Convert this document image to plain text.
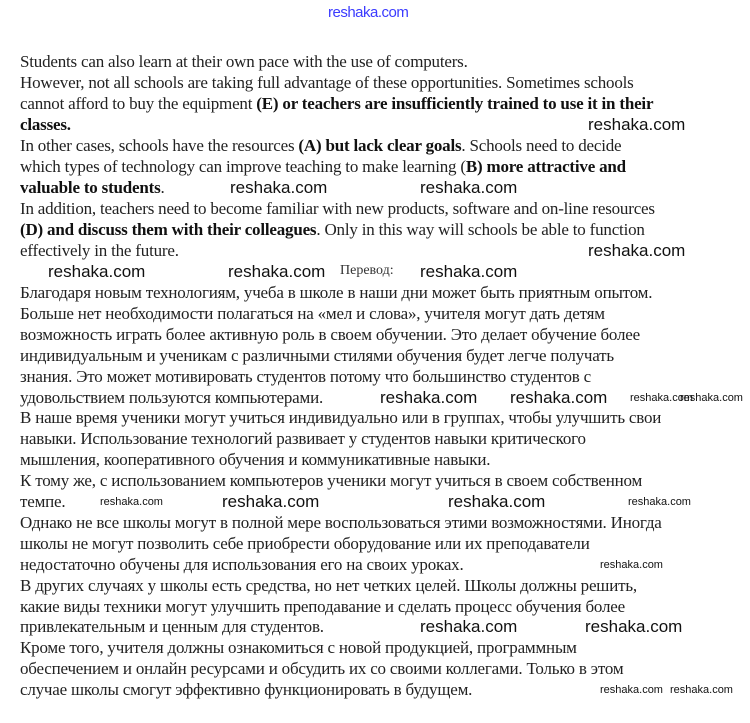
reshaka.com
Students can also learn at their own pace with the use of computers.
However, not all schools are taking full advantage of these opportunities. Sometimes schools
cannot afford to buy the equipment (E) or teachers are insufficiently trained to use it in their
classes.
In other cases, schools have the resources (A) but lack clear goals. Schools need to decide
which types of technology can improve teaching to make learning (B) more attractive and
valuable to students.
In addition, teachers need to become familiar with new products, software and on-line resources
(D) and discuss them with their colleagues. Only in this way will schools be able to function
effectively in the future.
Перевод:
Благодаря новым технологиям, учеба в школе в наши дни может быть приятным опытом.
Больше нет необходимости полагаться на «мел и слова», учителя могут дать детям
возможность играть более активную роль в своем обучении. Это делает обучение более
индивидуальным и ученикам с различными стилями обучения будет легче получать
знания. Это может мотивировать студентов потому что большинство студентов с
удовольствием пользуются компьютерами.
В наше время ученики могут учиться индивидуально или в группах, чтобы улучшить свои
навыки. Использование технологий развивает у студентов навыки критического
мышления, кооперативного обучения и коммуникативные навыки.
К тому же, с использованием компьютеров ученики могут учиться в своем собственном
темпе.
Однако не все школы могут в полной мере воспользоваться этими возможностями. Иногда
школы не могут позволить себе приобрести оборудование или их преподаватели
недостаточно обучены для использования его на своих уроках.
В других случаях у школы есть средства, но нет четких целей. Школы должны решить,
какие виды техники могут улучшить преподавание и сделать процесс обучения более
привлекательным и ценным для студентов.
Кроме того, учителя должны ознакомиться с новой продукцией, программным
обеспечением и онлайн ресурсами и обсудить их со своими коллегами. Только в этом
случае школы смогут эффективно функционировать в будущем.
reshaka.com
reshaka.com	reshaka.com
reshaka.com
reshaka.com	reshaka.com	reshaka.com
reshaka.com reshaka.com reshaka.com
reshaka.com
reshaka.com	reshaka.com	reshaka.com	reshaka.com
reshaka.com
reshaka.com	reshaka.com
reshaka.com reshaka.com
